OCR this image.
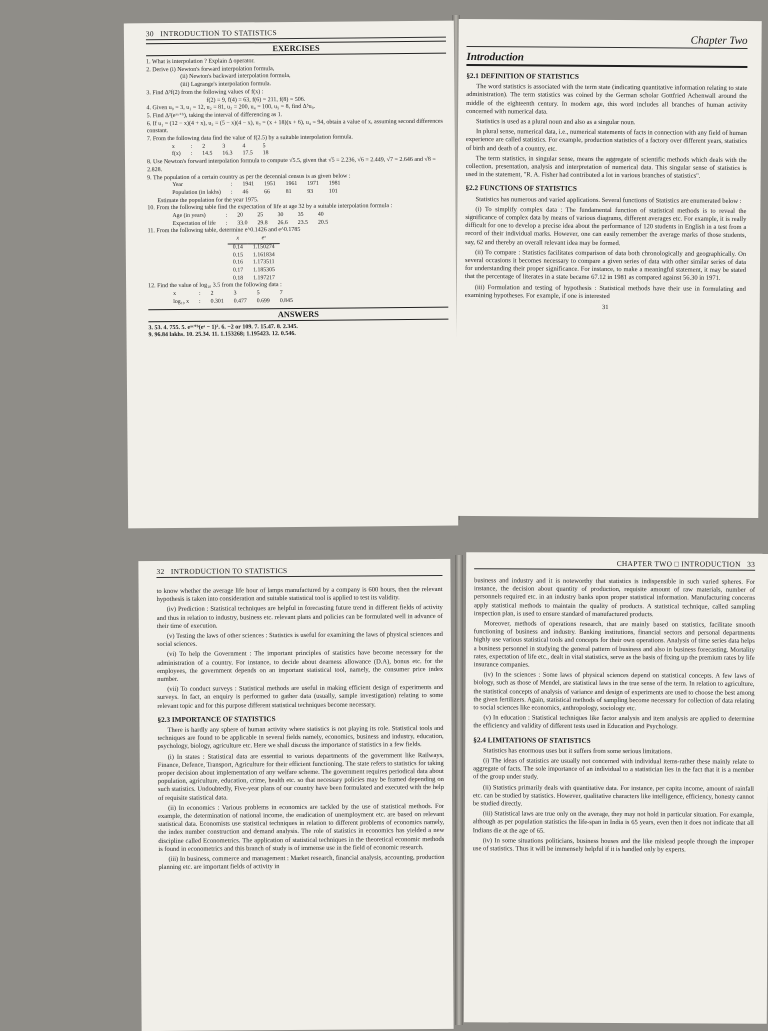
30 INTRODUCTION TO STATISTICS
EXERCISES
1. What is interpolation ? Explain Δ operator.
2. Derive (i) Newton's forward interpolation formula,
(ii) Newton's backward interpolation formula,
(iii) Lagrange's interpolation formula.
3. Find Δ³f(2) from the following values of f(x) :
f(2) = 9, f(4) = 63, f(6) = 211, f(8) = 506.
4. Given u₀ = 3, u₁ = 12, u₂ = 81, u₃ = 200, u₄ = 100, u₅ = 8, find Δ⁵u₀.
5. Find Δ²(eᵃˣ⁺ᵇ), taking the interval of differencing as 1.
6. If u₁ = (12 − x)(4 + x), u₂ = (5 − x)(4 − x), u₃ = (x + 18)(x + 6), u₄ = 94, obtain a value of x, assuming second differences constant.
7. From the following data find the value of f(2.5) by a suitable interpolation formula.
x	:	2	3	4	5
f(x)	:	14.5	16.3	17.5	18
8. Use Newton's forward interpolation formula to compute √5.5, given that √5 = 2.236, √6 = 2.449, √7 = 2.646 and √8 = 2.828.
9. The population of a certain country as per the decennial census is as given below :
Year	:	1941	1951	1961	1971	1981
Population (in lakhs)	:	46	66	81	93	101
Estimate the population for the year 1975.
10. From the following table find the expectation of life at age 32 by a suitable interpolation formula :
Age (in years)	:	20	25	30	35	40
Expectation of life	:	33.0	29.8	26.6	23.5	20.5
11. From the following table, determine e^0.1426 and e^0.1785
x	eˣ
0.14	1.150274
0.15	1.161834
0.16	1.173511
0.17	1.185305
0.18	1.197217
12. Find the value of log₁₀ 3.5 from the following data :
x	:	2	3	5	7
log₁₀ x	:	0.301	0.477	0.699	0.845
ANSWERS
3. 53. 4. 755. 5. eᵃˣ⁺ᵇ(eᵃ − 1)². 6. −2 or 109. 7. 15.47. 8. 2.345.
9. 96.84 lakhs. 10. 25.34. 11. 1.153268; 1.195423. 12. 0.546.
Chapter Two
Introduction
§2.1 DEFINITION OF STATISTICS

The word statistics is associated with the term state (indicating quantitative information relating to state administration). The term statistics was coined by the German scholar Gottfried Achenwall around the middle of the eighteenth century. In modern age, this word includes all branches of human activity concerned with numerical data.

Statistics is used as a plural noun and also as a singular noun.

In plural sense, numerical data, i.e., numerical statements of facts in connection with any field of human experience are called statistics. For example, production statistics of a factory over different years, statistics of birth and death of a country, etc.

The term statistics, in singular sense, means the aggregate of scientific methods which deals with the collection, presentation, analysis and interpretation of numerical data. This singular sense of statistics is used in the statement, "R. A. Fisher had contributed a lot in various branches of statistics".

§2.2 FUNCTIONS OF STATISTICS

Statistics has numerous and varied applications. Several functions of Statistics are enumerated below :

(i) To simplify complex data : The fundamental function of statistical methods is to reveal the significance of complex data by means of various diagrams, different averages etc. For example, it is really difficult for one to develop a precise idea about the performance of 120 students in English in a test from a record of their individual marks. However, one can easily remember the average marks of those students, say, 62 and thereby an overall relevant idea may be formed.

(ii) To compare : Statistics facilitates comparison of data both chronologically and geographically. On several occasions it becomes necessary to compare a given series of data with other similar series of data for understanding their proper significance. For instance, to make a meaningful statement, it may be stated that the percentage of literates in a state became 67.12 in 1981 as compared against 56.30 in 1971.

(iii) Formulation and testing of hypothesis : Statistical methods have their use in formulating and examining hypotheses. For example, if one is interested

31
32 INTRODUCTION TO STATISTICS

to know whether the average life hour of lamps manufactured by a company is 600 hours, then the relevant hypothesis is taken into consideration and suitable statistical tool is applied to test its validity.

(iv) Prediction : Statistical techniques are helpful in forecasting future trend in different fields of activity and thus in relation to industry, business etc. relevant plans and policies can be formulated well in advance of their time of execution.

(v) Testing the laws of other sciences : Statistics is useful for examining the laws of physical sciences and social sciences.

(vi) To help the Government : The important principles of statistics have become necessary for the administration of a country. For instance, to decide about dearness allowance (D.A), bonus etc. for the employees, the government depends on an important statistical tool, namely, the consumer price index number.

(vii) To conduct surveys : Statistical methods are useful in making efficient design of experiments and surveys. In fact, an enquiry is performed to gather data (usually, sample investigation) relating to some relevant topic and for this purpose different statistical techniques become necessary.

§2.3 IMPORTANCE OF STATISTICS

There is hardly any sphere of human activity where statistics is not playing its role. Statistical tools and techniques are found to be applicable in several fields namely, economics, business and industry, education, psychology, biology, agriculture etc. Here we shall discuss the importance of statistics in a few fields.

(i) In states : Statistical data are essential to various departments of the government like Railways, Finance, Defence, Transport, Agriculture for their efficient functioning. The state refers to statistics for taking proper decision about implementation of any welfare scheme. The government requires periodical data about population, agriculture, education, crime, health etc. so that necessary policies may be framed depending on such statistics. Undoubtedly, Five-year plans of our country have been formulated and executed with the help of requisite statistical data.

(ii) In economics : Various problems in economics are tackled by the use of statistical methods. For example, the determination of national income, the eradication of unemployment etc. are based on relevant statistical data. Economists use statistical techniques in relation to different problems of economics namely, the index number construction and demand analysis. The role of statistics in economics has yielded a new discipline called Econometrics. The application of statistical techniques in the theoretical economic methods is found in econometrics and this branch of study is of immense use in the field of economic research.

(iii) In business, commerce and management : Market research, financial analysis, accounting, production planning etc. are important fields of activity in

CHAPTER TWO □ INTRODUCTION 33

business and industry and it is noteworthy that statistics is indispensible in such varied spheres. For instance, the decision about quantity of production, requisite amount of raw materials, number of personnels required etc. in an industry banks upon proper statistical information. Manufacturing concerns apply statistical methods to maintain the quality of products. A statistical technique, called sampling inspection plan, is used to ensure standard of manufactured products.

Moreover, methods of operations research, that are mainly based on statistics, facilitate smooth functioning of business and industry. Banking institutions, financial sectors and personal departments highly use various statistical tools and concepts for their own operations. Analysis of time series data helps a business personnel in studying the general pattern of business and also in business forecasting. Mortality rates, expectation of life etc., dealt in vital statistics, serve as the basis of fixing up the premium rates by life insurance companies.

(iv) In the sciences : Some laws of physical sciences depend on statistical concepts. A few laws of biology, such as those of Mendel, are statistical laws in the true sense of the term. In relation to agriculture, the statistical concepts of analysis of variance and design of experiments are used to choose the best among the given fertilizers. Again, statistical methods of sampling become necessary for collection of data relating to social sciences like economics, anthropology, sociology etc.

(v) In education : Statistical techniques like factor analysis and item analysis are applied to determine the efficiency and validity of different tests used in Education and Psychology.

§2.4 LIMITATIONS OF STATISTICS

Statistics has enormous uses but it suffers from some serious limitations.

(i) The ideas of statistics are usually not concerned with individual items-rather these mainly relate to aggregate of facts. The sole importance of an individual to a statistician lies in the fact that it is a member of the group under study.

(ii) Statistics primarily deals with quantitative data. For instance, per capita income, amount of rainfall etc. can be studied by statistics. However, qualitative characters like intelligence, efficiency, honesty cannot be studied directly.

(iii) Statistical laws are true only on the average, they may not hold in particular situation. For example, although as per population statistics the life-span in India is 65 years, even then it does not indicate that all Indians die at the age of 65.

(iv) In some situations politicians, business houses and the like mislead people through the improper use of statistics. Thus it will be immensely helpful if it is handled only by experts.
